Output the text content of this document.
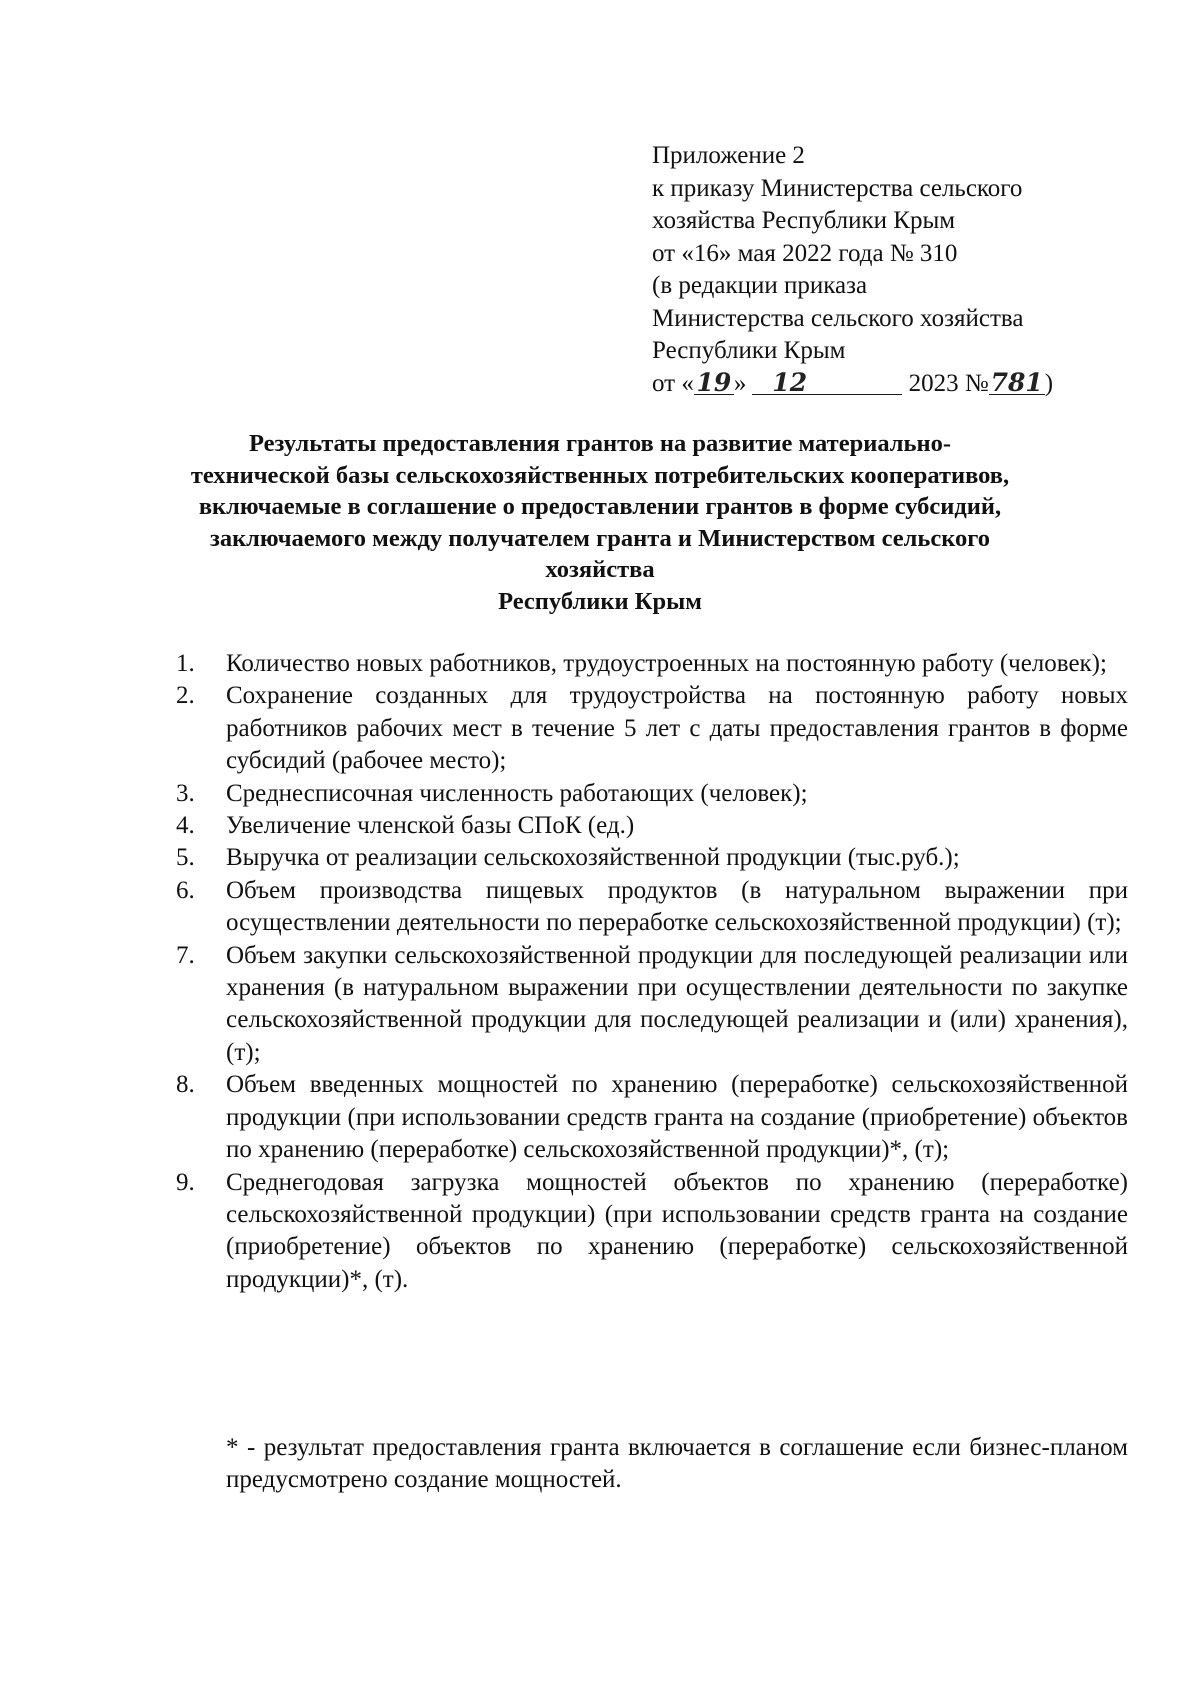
Приложение 2
к приказу Министерства сельского
хозяйства Республики Крым
от «16» мая 2022 года № 310
(в редакции приказа
Министерства сельского хозяйства
Республики Крым
от « 19 » 12	2023 №781)
Результаты предоставления грантов на развитие материально-
технической базы сельскохозяйственных потребительских кооперативов,
включаемые в соглашение о предоставлении грантов в форме субсидий,
заключаемого между получателем гранта и Министерством сельского
хозяйства
Республики Крым
1.	Количество новых работников, трудоустроенных на постоянную работу (человек);
2.	Сохранение созданных для трудоустройства на постоянную работу новых работников рабочих мест в течение 5 лет с даты предоставления грантов в форме субсидий (рабочее место);
3.	Среднесписочная численность работающих (человек);
4.	Увеличение членской базы СПоК (ед.)
5.	Выручка от реализации сельскохозяйственной продукции (тыс.руб.);
6.	Объем производства пищевых продуктов (в натуральном выражении при осуществлении деятельности по переработке сельскохозяйственной продукции) (т);
7.	Объем закупки сельскохозяйственной продукции для последующей реализации или хранения (в натуральном выражении при осуществлении деятельности по закупке сельскохозяйственной продукции для последующей реализации и (или) хранения), (т);
8.	Объем введенных мощностей по хранению (переработке) сельскохозяйственной продукции (при использовании средств гранта на создание (приобретение) объектов по хранению (переработке) сельскохозяйственной продукции)*, (т);
9.	Среднегодовая загрузка мощностей объектов по хранению (переработке) сельскохозяйственной продукции) (при использовании средств гранта на создание (приобретение) объектов по хранению (переработке) сельскохозяйственной продукции)*, (т).
* - результат предоставления гранта включается в соглашение если бизнес-планом предусмотрено создание мощностей.
